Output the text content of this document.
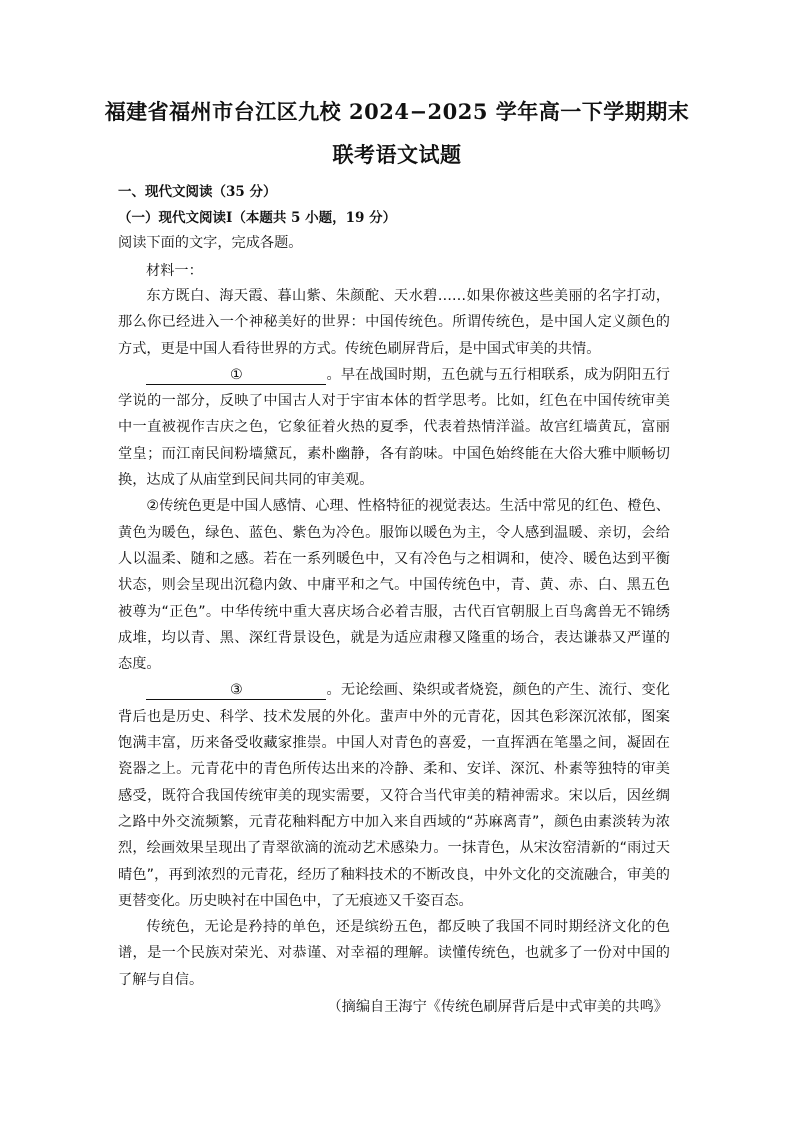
福建省福州市台江区九校 2024−2025 学年高一下学期期末
联考语文试题
一、现代文阅读（35 分）
（一）现代文阅读Ⅰ（本题共 5 小题，19 分）
阅读下面的文字，完成各题。
材料一：

东方既白、海天霞、暮山紫、朱颜酡、天水碧……如果你被这些美丽的名字打动，那么你已经进入一个神秘美好的世界：中国传统色。所谓传统色，是中国人定义颜色的方式，更是中国人看待世界的方式。传统色刷屏背后，是中国式审美的共情。

①	。早在战国时期，五色就与五行相联系，成为阴阳五行学说的一部分，反映了中国古人对于宇宙本体的哲学思考。比如，红色在中国传统审美中一直被视作吉庆之色，它象征着火热的夏季，代表着热情洋溢。故宫红墙黄瓦，富丽堂皇；而江南民间粉墙黛瓦，素朴幽静，各有韵味。中国色始终能在大俗大雅中顺畅切换，达成了从庙堂到民间共同的审美观。

②传统色更是中国人感情、心理、性格特征的视觉表达。生活中常见的红色、橙色、黄色为暖色，绿色、蓝色、紫色为冷色。服饰以暖色为主，令人感到温暖、亲切，会给人以温柔、随和之感。若在一系列暖色中，又有冷色与之相调和，使冷、暖色达到平衡状态，则会呈现出沉稳内敛、中庸平和之气。中国传统色中，青、黄、赤、白、黑五色被尊为“正色”。中华传统中重大喜庆场合必着吉服，古代百官朝服上百鸟禽兽无不锦绣成堆，均以青、黑、深红背景设色，就是为适应肃穆又隆重的场合，表达谦恭又严谨的态度。

③	。无论绘画、染织或者烧瓷，颜色的产生、流行、变化背后也是历史、科学、技术发展的外化。蜚声中外的元青花，因其色彩深沉浓郁，图案饱满丰富，历来备受收藏家推崇。中国人对青色的喜爱，一直挥洒在笔墨之间，凝固在瓷器之上。元青花中的青色所传达出来的冷静、柔和、安详、深沉、朴素等独特的审美感受，既符合我国传统审美的现实需要，又符合当代审美的精神需求。宋以后，因丝绸之路中外交流频繁，元青花釉料配方中加入来自西域的“苏麻离青”，颜色由素淡转为浓烈，绘画效果呈现出了青翠欲滴的流动艺术感染力。一抹青色，从宋汝窑清新的“雨过天晴色”，再到浓烈的元青花，经历了釉料技术的不断改良，中外文化的交流融合，审美的更替变化。历史映衬在中国色中，了无痕迹又千姿百态。

传统色，无论是矜持的单色，还是缤纷五色，都反映了我国不同时期经济文化的色谱，是一个民族对荣光、对恭谨、对幸福的理解。读懂传统色，也就多了一份对中国的了解与自信。

（摘编自王海宁《传统色刷屏背后是中式审美的共鸣》
